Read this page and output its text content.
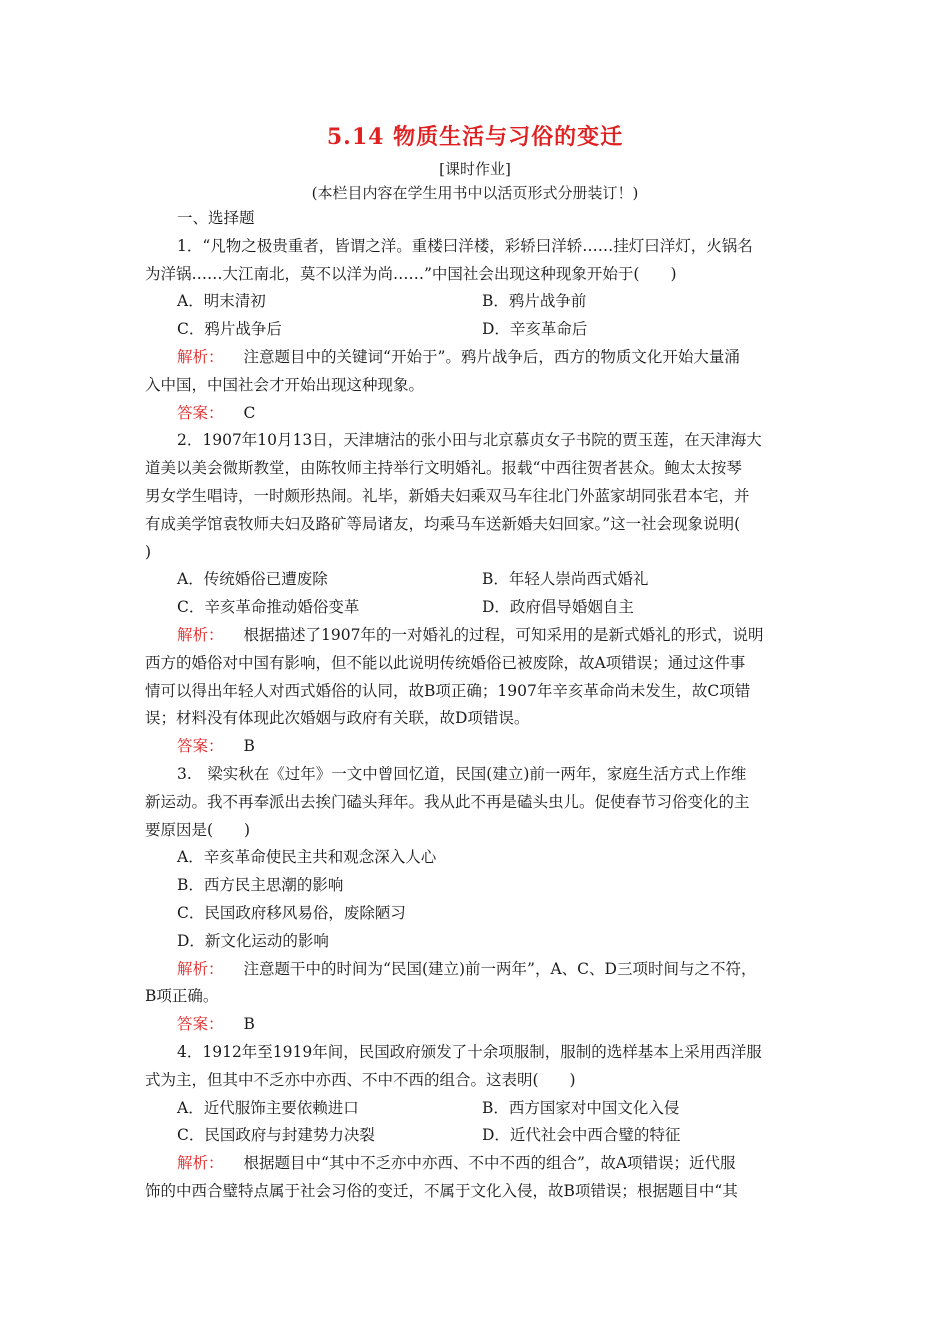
5.14 物质生活与习俗的变迁
[课时作业]
(本栏目内容在学生用书中以活页形式分册装订！)

一、选择题

1．“凡物之极贵重者，皆谓之洋。重楼曰洋楼，彩轿曰洋轿……挂灯曰洋灯，火锅名

为洋锅……大江南北，莫不以洋为尚……”中国社会出现这种现象开始于(　　)

A．明末清初	B．鸦片战争前
C．鸦片战争后	D．辛亥革命后

解析： 注意题目中的关键词“开始于”。鸦片战争后，西方的物质文化开始大量涌

入中国，中国社会才开始出现这种现象。

答案： C

2．1907年10月13日，天津塘沽的张小田与北京慕贞女子书院的贾玉莲，在天津海大

道美以美会微斯教堂，由陈牧师主持举行文明婚礼。报载“中西往贺者甚众。鲍太太按琴

男女学生唱诗，一时颇形热闹。礼毕，新婚夫妇乘双马车往北门外蓝家胡同张君本宅，并

有成美学馆袁牧师夫妇及路矿等局诸友，均乘马车送新婚夫妇回家。”这一社会现象说明(

)

A．传统婚俗已遭废除	B．年轻人崇尚西式婚礼
C．辛亥革命推动婚俗变革	D．政府倡导婚姻自主

解析： 根据描述了1907年的一对婚礼的过程，可知采用的是新式婚礼的形式，说明

西方的婚俗对中国有影响，但不能以此说明传统婚俗已被废除，故A项错误；通过这件事

情可以得出年轻人对西式婚俗的认同，故B项正确；1907年辛亥革命尚未发生，故C项错

误；材料没有体现此次婚姻与政府有关联，故D项错误。

答案： B

3.　梁实秋在《过年》一文中曾回忆道，民国(建立)前一两年，家庭生活方式上作维

新运动。我不再奉派出去挨门磕头拜年。我从此不再是磕头虫儿。促使春节习俗变化的主

要原因是(　　)

A．辛亥革命使民主共和观念深入人心

B．西方民主思潮的影响

C．民国政府移风易俗，废除陋习

D．新文化运动的影响

解析： 注意题干中的时间为“民国(建立)前一两年”，A、C、D三项时间与之不符，

B项正确。

答案： B

4．1912年至1919年间，民国政府颁发了十余项服制，服制的选样基本上采用西洋服

式为主，但其中不乏亦中亦西、不中不西的组合。这表明(　　)

A．近代服饰主要依赖进口	B．西方国家对中国文化入侵
C．民国政府与封建势力决裂	D．近代社会中西合璧的特征

解析： 根据题目中“其中不乏亦中亦西、不中不西的组合”，故A项错误；近代服

饰的中西合璧特点属于社会习俗的变迁，不属于文化入侵，故B项错误；根据题目中“其
